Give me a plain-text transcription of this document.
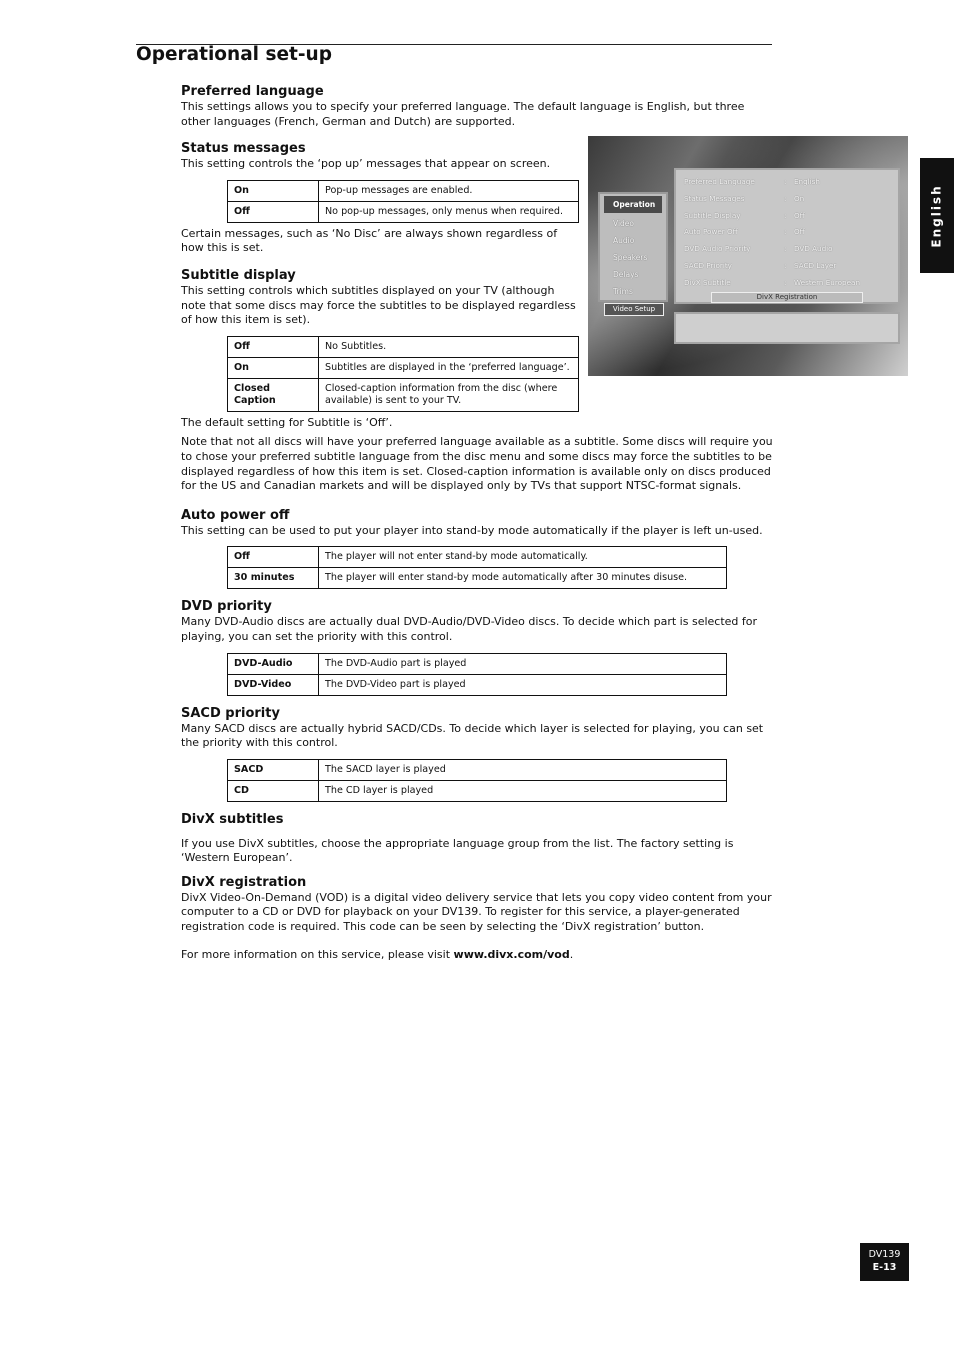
Operational set-up
English
Preferred Language	:	English
Status Messages	:	On
Subtitle Display	:	Off
Auto Power Off	:	Off
DVD Audio Priority	:	DVD Audio
SACD Priority	:	SACD Layer
DivX Subtitle	:	Western European
DivX Registration
Operation
Video
Audio
Speakers
Delays
Trims
Video Setup
Preferred language

This settings allows you to specify your preferred language. The default language is English, but three other languages (French, German and Dutch) are supported.

Status messages

This setting controls the ‘pop up’ messages that appear on screen.

On	Pop-up messages are enabled.
Off	No pop-up messages, only menus when required.

Certain messages, such as ‘No Disc’ are always shown regardless of how this is set.

Subtitle display

This setting controls which subtitles displayed on your TV (although note that some discs may force the subtitles to be displayed regardless of how this item is set).

Off	No Subtitles.
On	Subtitles are displayed in the ‘preferred language’.
Closed Caption	Closed-caption information from the disc (where available) is sent to your TV.

The default setting for Subtitle is ‘Off’.

Note that not all discs will have your preferred language available as a subtitle. Some discs will require you to chose your preferred subtitle language from the disc menu and some discs may force the subtitles to be displayed regardless of how this item is set. Closed-caption information is available only on discs produced for the US and Canadian markets and will be displayed only by TVs that support NTSC-format signals.

Auto power off

This setting can be used to put your player into stand-by mode automatically if the player is left un-used.

Off	The player will not enter stand-by mode automatically.
30 minutes	The player will enter stand-by mode automatically after 30 minutes disuse.
DVD priority

Many DVD-Audio discs are actually dual DVD-Audio/DVD-Video discs. To decide which part is selected for playing, you can set the priority with this control.

DVD-Audio	The DVD-Audio part is played
DVD-Video	The DVD-Video part is played
SACD priority

Many SACD discs are actually hybrid SACD/CDs. To decide which layer is selected for playing, you can set the priority with this control.

SACD	The SACD layer is played
CD	The CD layer is played
DivX subtitles

If you use DivX subtitles, choose the appropriate language group from the list. The factory setting is ‘Western European’.

DivX registration

DivX Video-On-Demand (VOD) is a digital video delivery service that lets you copy video content from your computer to a CD or DVD for playback on your DV139. To register for this service, a player-generated registration code is required. This code can be seen by selecting the ‘DivX registration’ button.

For more information on this service, please visit www.divx.com/vod.

DV139
E-13
